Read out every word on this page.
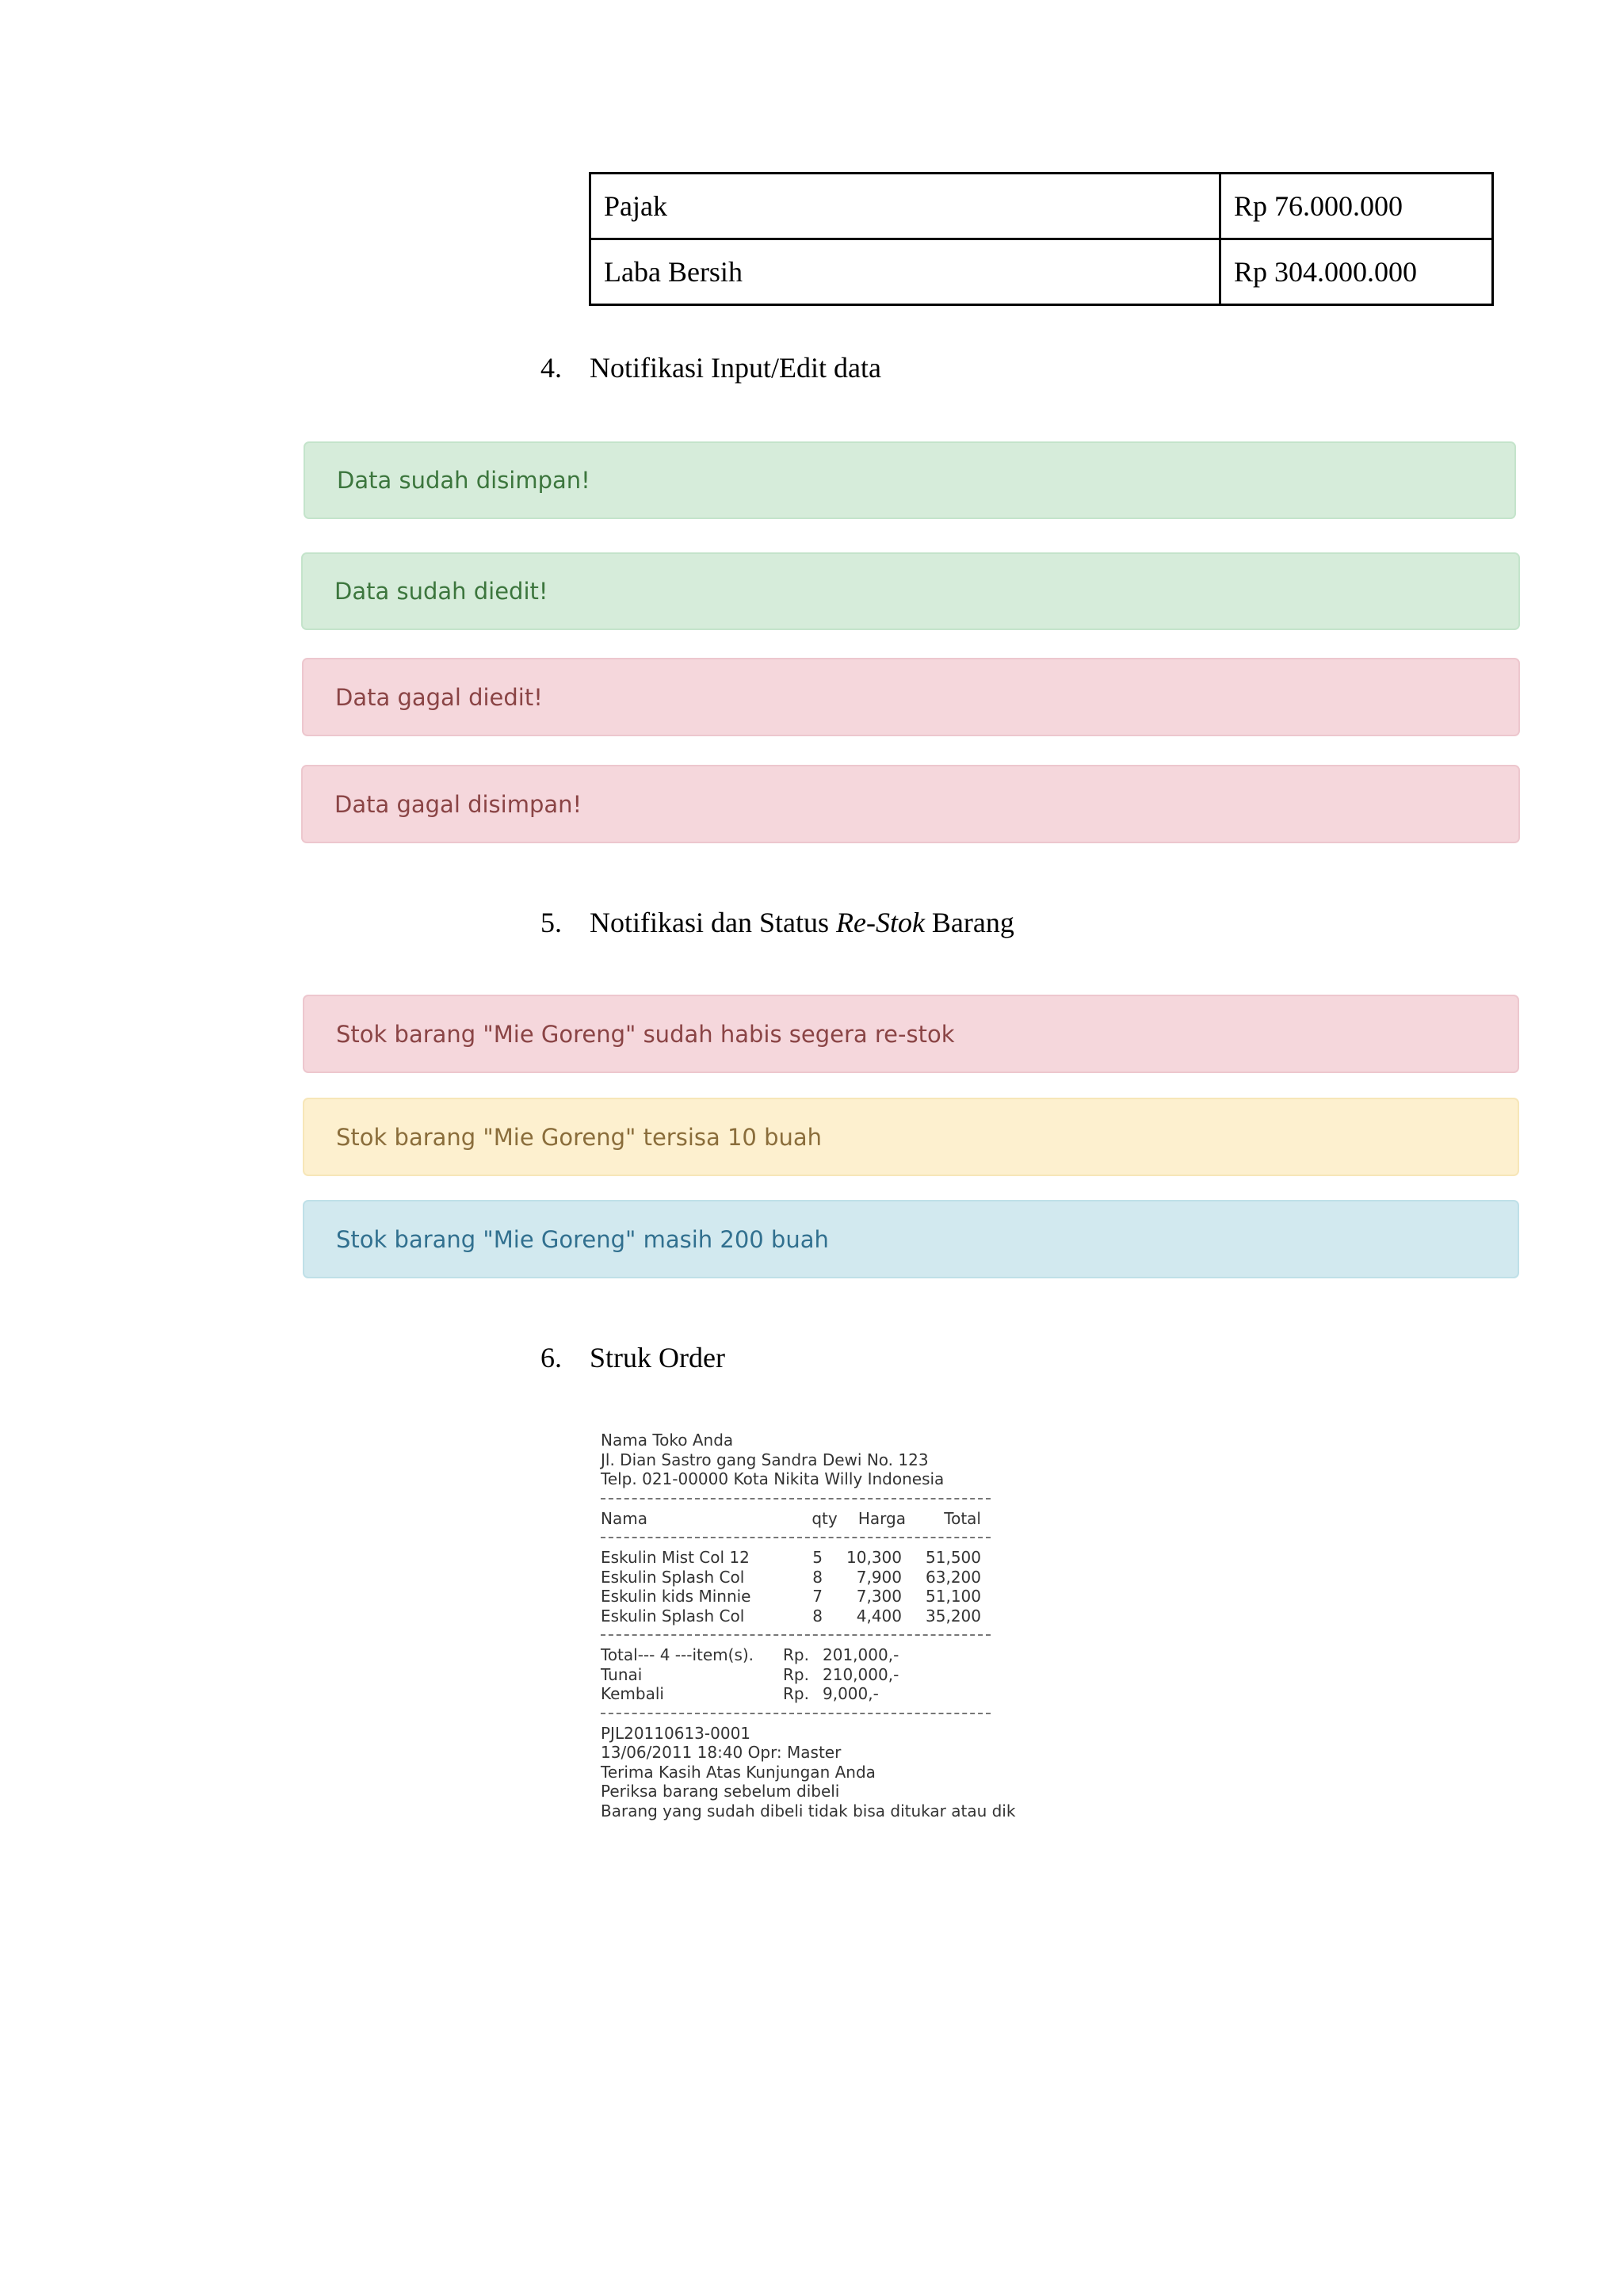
Pajak	Rp 76.000.000
Laba Bersih	Rp 304.000.000
4. Notifikasi Input/Edit data
Data sudah disimpan!
Data sudah diedit!
Data gagal diedit!
Data gagal disimpan!
5. Notifikasi dan Status Re-Stok Barang
Stok barang "Mie Goreng" sudah habis segera re-stok
Stok barang "Mie Goreng" tersisa 10 buah
Stok barang "Mie Goreng" masih 200 buah
6. Struk Order
Nama Toko Anda
Jl. Dian Sastro gang Sandra Dewi No. 123
Telp. 021-00000 Kota Nikita Willy Indonesia
Nama	qty	Harga	Total
Eskulin Mist Col 12	5	10,300	51,500
Eskulin Splash Col	8	7,900	63,200
Eskulin kids Minnie	7	7,300	51,100
Eskulin Splash Col	8	4,400	35,200
Total--- 4 ---item(s).	Rp. 201,000,-
Tunai	Rp. 210,000,-
Kembali	Rp. 9,000,-
PJL20110613-0001
13/06/2011 18:40 Opr: Master
Terima Kasih Atas Kunjungan Anda
Periksa barang sebelum dibeli
Barang yang sudah dibeli tidak bisa ditukar atau dik
